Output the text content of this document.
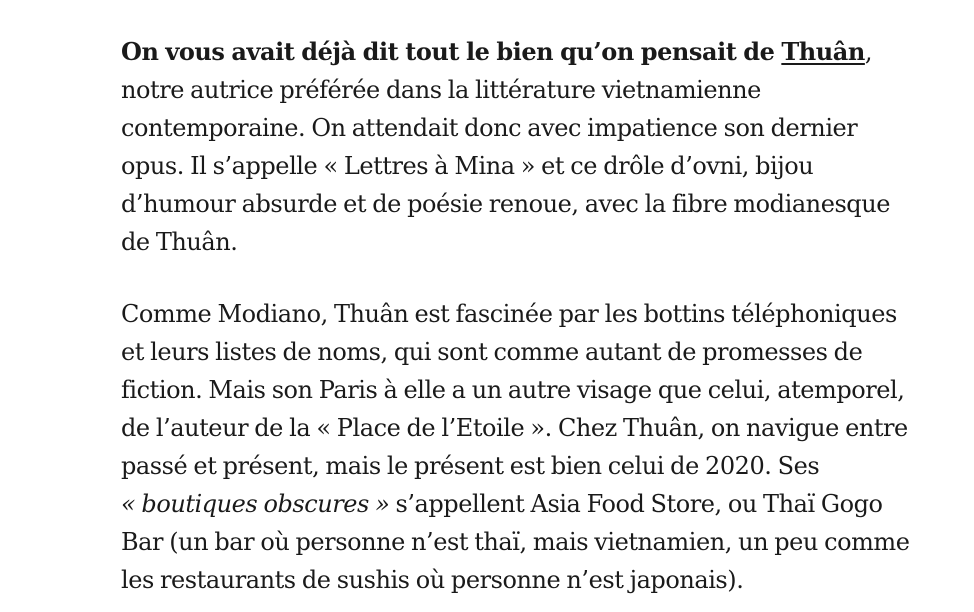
On vous avait déjà dit tout le bien qu’on pensait de Thuân,
notre autrice préférée dans la littérature vietnamienne
contemporaine. On attendait donc avec impatience son dernier
opus. Il s’appelle « Lettres à Mina » et ce drôle d’ovni, bijou
d’humour absurde et de poésie renoue, avec la fibre modianesque
de Thuân.

Comme Modiano, Thuân est fascinée par les bottins téléphoniques
et leurs listes de noms, qui sont comme autant de promesses de
fiction. Mais son Paris à elle a un autre visage que celui, atemporel,
de l’auteur de la « Place de l’Etoile ». Chez Thuân, on navigue entre
passé et présent, mais le présent est bien celui de 2020. Ses
« boutiques obscures » s’appellent Asia Food Store, ou Thaï Gogo
Bar (un bar où personne n’est thaï, mais vietnamien, un peu comme
les restaurants de sushis où personne n’est japonais).
